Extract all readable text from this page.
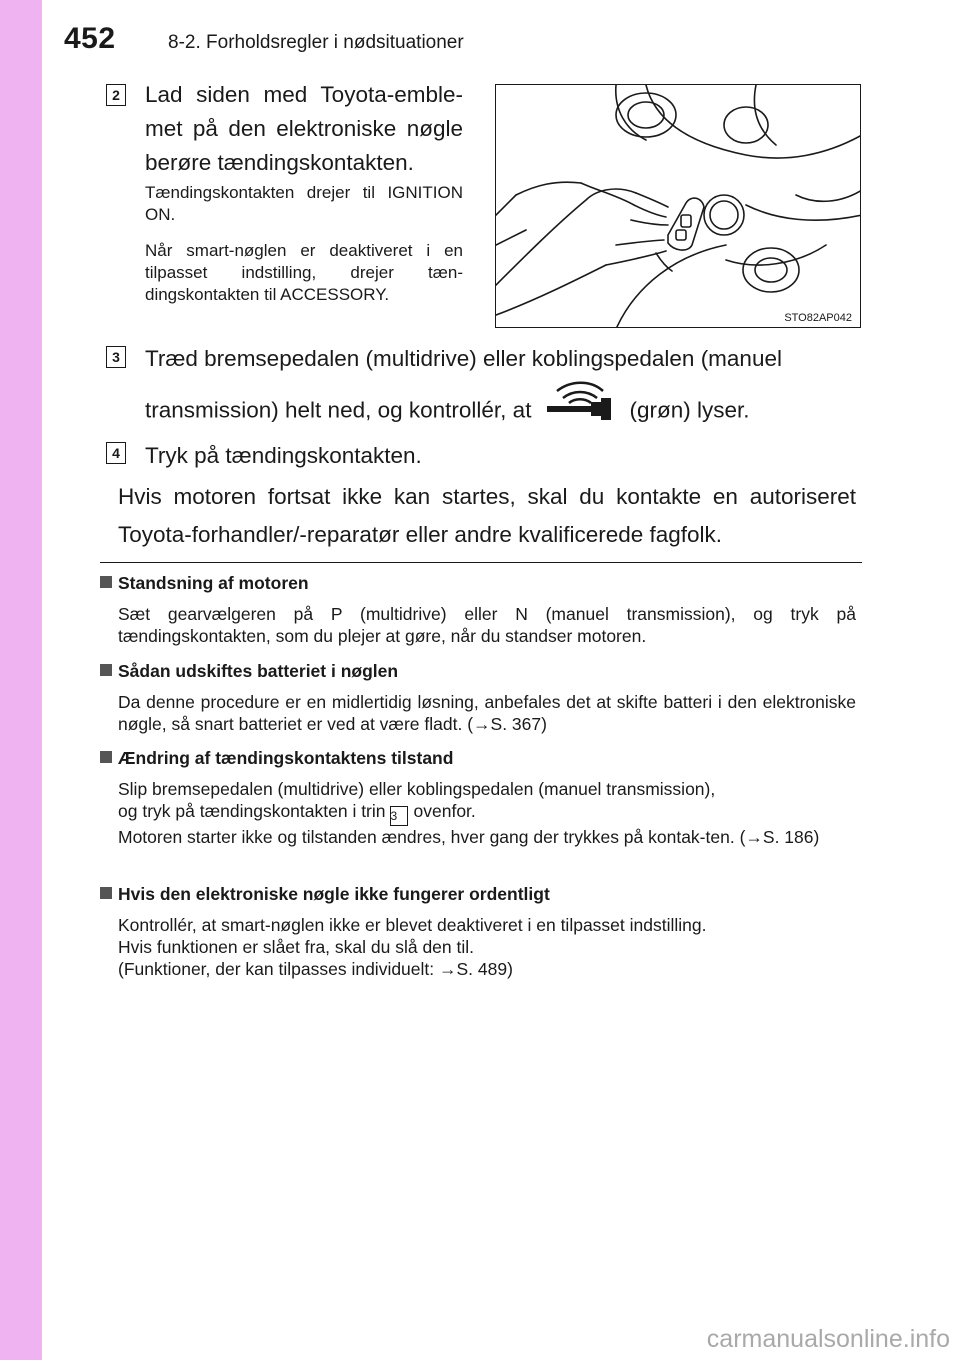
452	8-2. Forholdsregler i nødsituationer
2 Lad siden med Toyota-emble-met på den elektroniske nøgle berøre tændingskontakten.
Tændingskontakten drejer til IGNITION ON.
Når smart-nøglen er deaktiveret i en tilpasset indstilling, drejer tæn-dingskontakten til ACCESSORY.
STO82AP042
3 Træd bremsepedalen (multidrive) eller koblingspedalen (manuel
transmission) helt ned, og kontrollér, at	(grøn) lyser.
4 Tryk på tændingskontakten.
Hvis motoren fortsat ikke kan startes, skal du kontakte en autoriseret Toyota-forhandler/-reparatør eller andre kvalificerede fagfolk.
Standsning af motoren
Sæt gearvælgeren på P (multidrive) eller N (manuel transmission), og tryk på tændingskontakten, som du plejer at gøre, når du standser motoren.
Sådan udskiftes batteriet i nøglen
Da denne procedure er en midlertidig løsning, anbefales det at skifte batteri i den elektroniske nøgle, så snart batteriet er ved at være fladt. (→S. 367)
Ændring af tændingskontaktens tilstand
Slip bremsepedalen (multidrive) eller koblingspedalen (manuel transmission),
og tryk på tændingskontakten i trin 3 ovenfor.
Motoren starter ikke og tilstanden ændres, hver gang der trykkes på kontak-ten. (→S. 186)
Hvis den elektroniske nøgle ikke fungerer ordentligt
Kontrollér, at smart-nøglen ikke er blevet deaktiveret i en tilpasset indstilling.
Hvis funktionen er slået fra, skal du slå den til.
(Funktioner, der kan tilpasses individuelt: →S. 489)
carmanualsonline.info
